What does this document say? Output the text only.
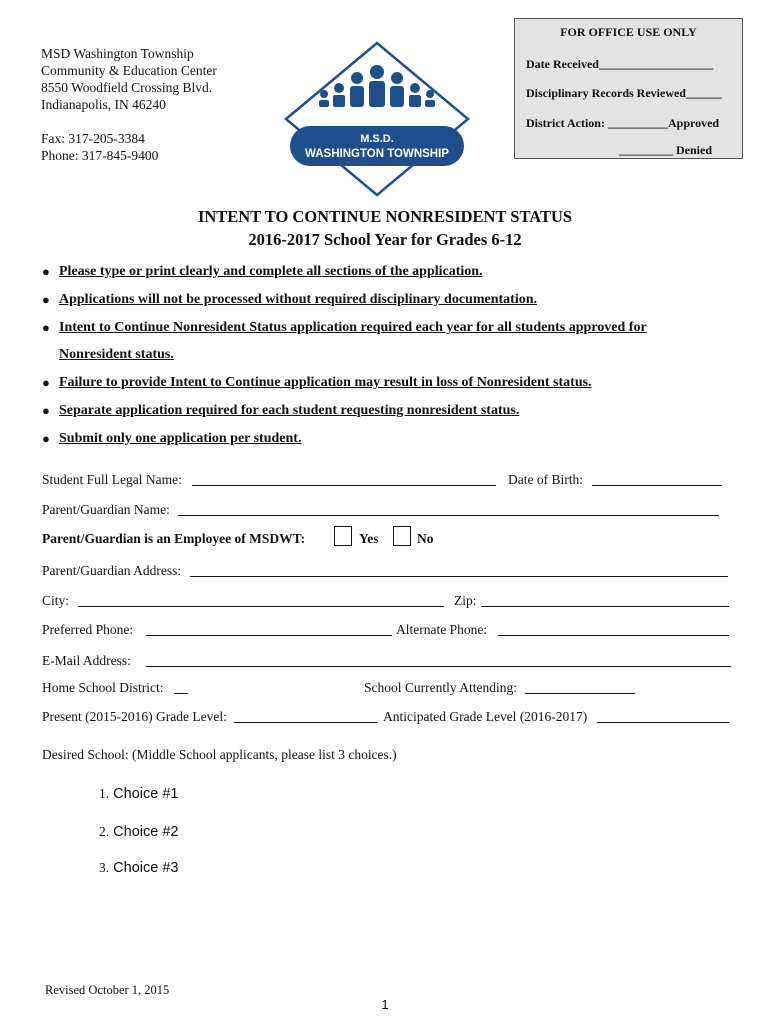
MSD Washington Township
Community & Education Center
8550 Woodfield Crossing Blvd.
Indianapolis, IN 46240
Fax: 317-205-3384
Phone: 317-845-9400
M.S.D.
WASHINGTON TOWNSHIP
FOR OFFICE USE ONLY
Date Received___________________
Disciplinary Records Reviewed______
District Action: __________Approved
_________ Denied
INTENT TO CONTINUE NONRESIDENT STATUS
2016-2017 School Year for Grades 6-12
● Please type or print clearly and complete all sections of the application.
● Applications will not be processed without required disciplinary documentation.
● Intent to Continue Nonresident Status application required each year for all students approved for
Nonresident status.
● Failure to provide Intent to Continue application may result in loss of Nonresident status.
● Separate application required for each student requesting nonresident status.
● Submit only one application per student.
Student Full Legal Name:	Date of Birth:
Parent/Guardian Name:
Parent/Guardian is an Employee of MSDWT:	Yes	No
Parent/Guardian Address:
City:	Zip:
Preferred Phone:	Alternate Phone:
E-Mail Address:
Home School District:	School Currently Attending:
Present (2015-2016) Grade Level:	Anticipated Grade Level (2016-2017)
Desired School: (Middle School applicants, please list 3 choices.)
1. Choice #1
2. Choice #2
3. Choice #3
Revised October 1, 2015
1
